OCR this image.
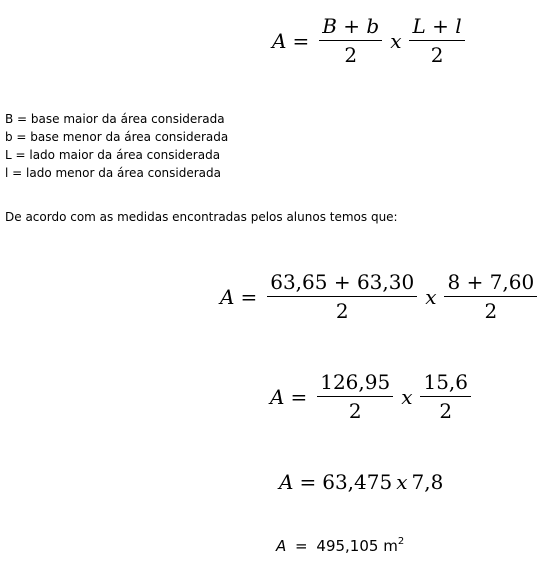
$A = \frac{B + b}{2}$ x $\frac{L + l}{2}$
B = base maior da área considerada
b = base menor da área considerada
L = lado maior da área considerada
l = lado menor da área considerada
De acordo com as medidas encontradas pelos alunos temos que:
$A = \frac{63,65 + 63,30}{2}$ x $\frac{8 + 7,60}{2}$
$A = \frac{126,95}{2}$ x $\frac{15,6}{2}$
A = 63,475 x 7,8
A = 495,105 $m^2$
